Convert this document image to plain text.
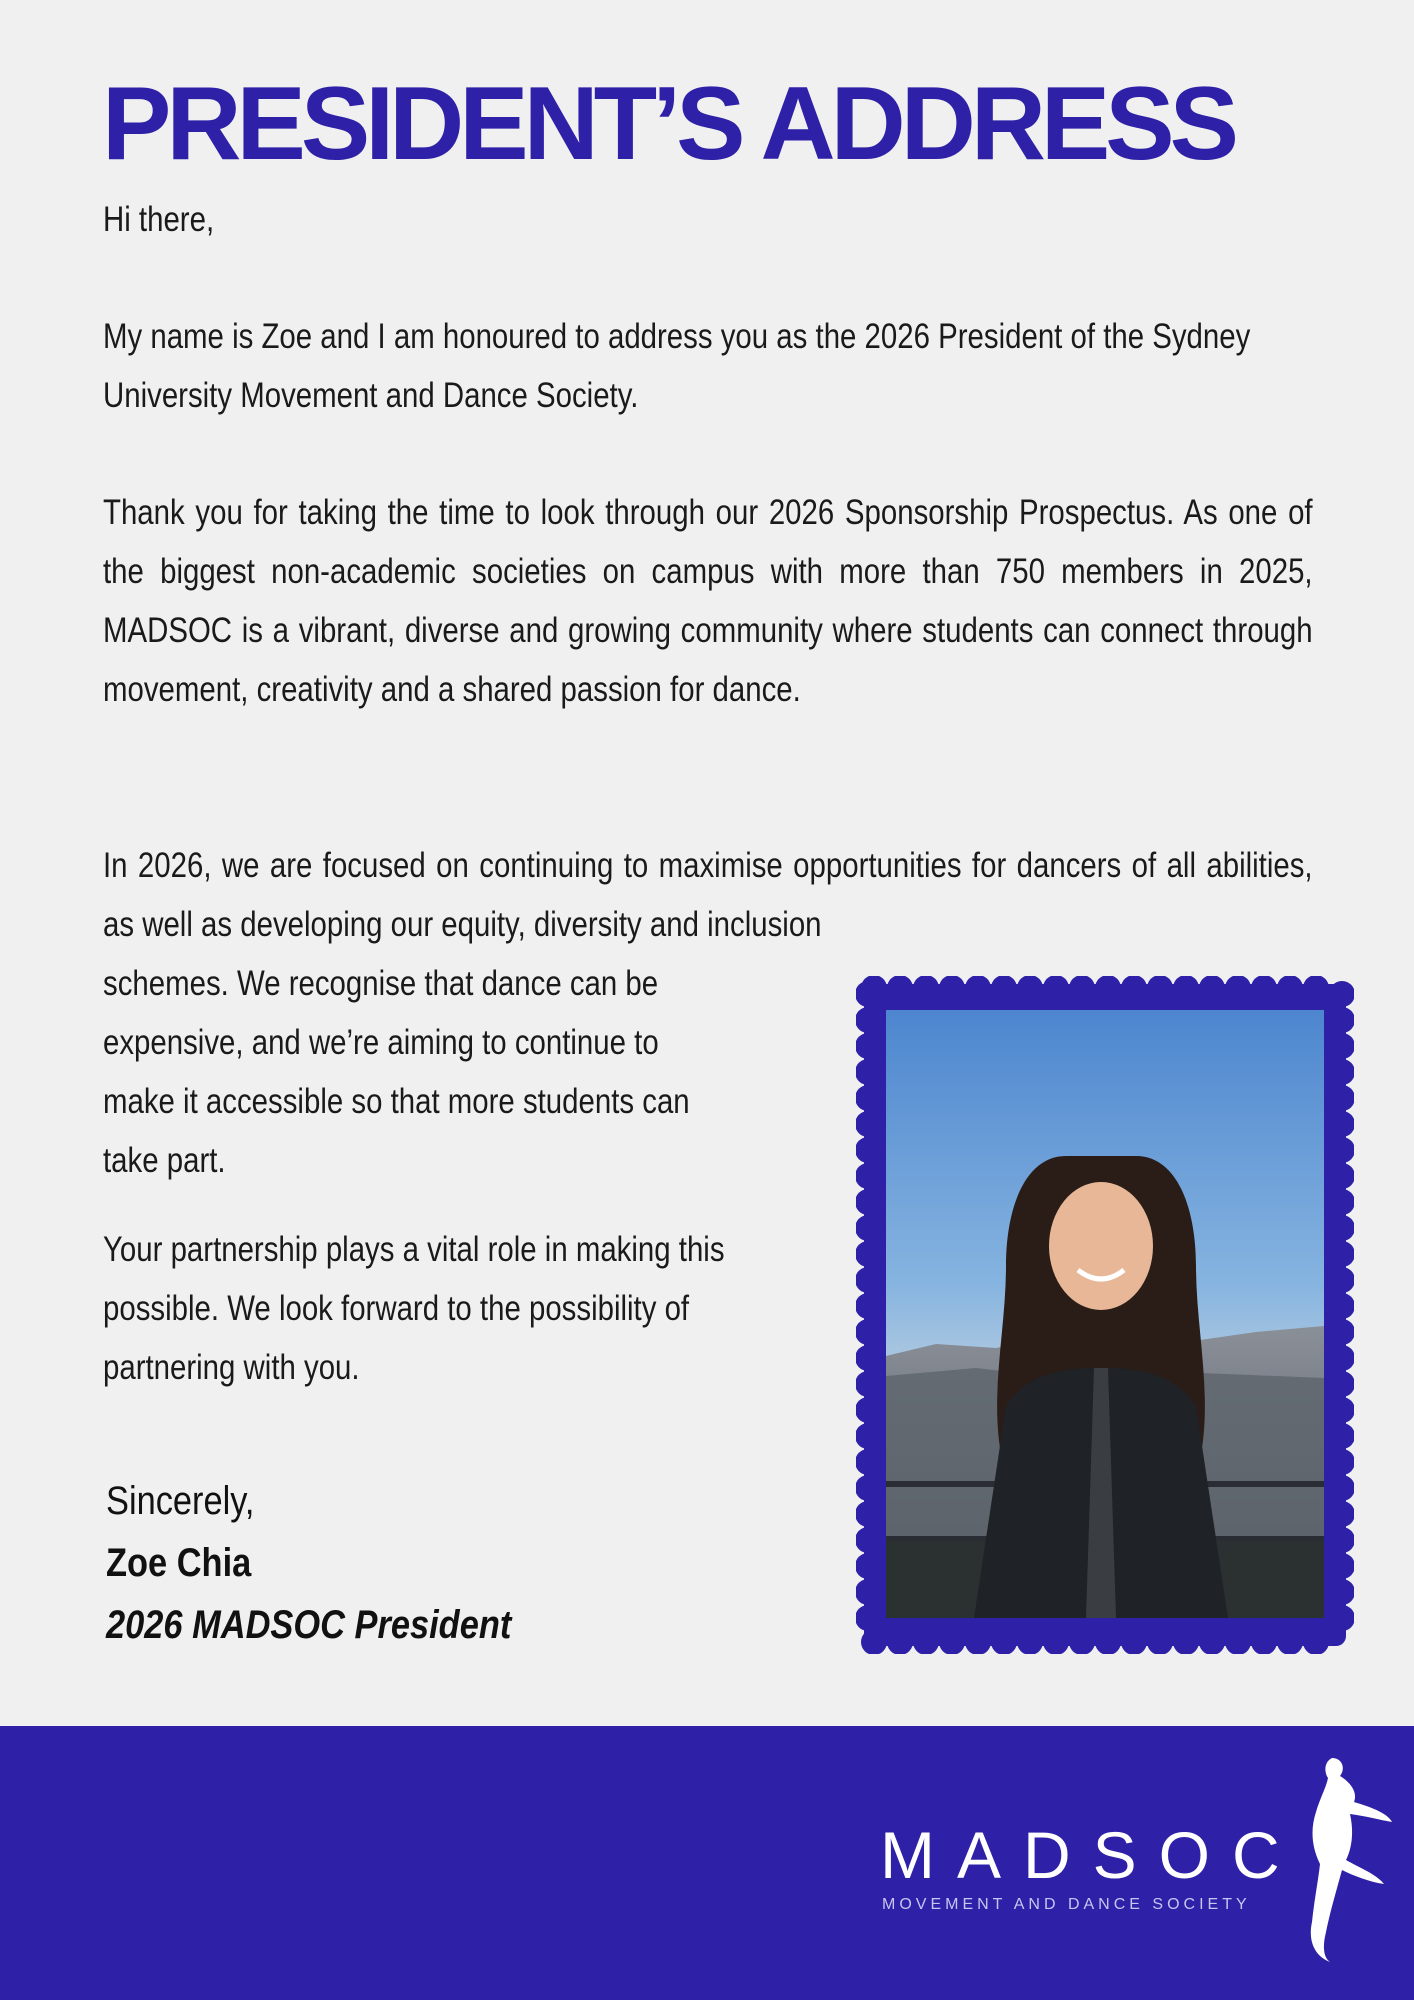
PRESIDENT’S ADDRESS

Hi there,

My name is Zoe and I am honoured to address you as the 2026 President of the Sydney University Movement and Dance Society.

Thank you for taking the time to look through our 2026 Sponsorship Prospectus. As one of the biggest non-academic societies on campus with more than 750 members in 2025, MADSOC is a vibrant, diverse and growing community where students can connect through movement, creativity and a shared passion for dance.

In 2026, we are focused on continuing to maximise opportunities for dancers of all abilities, as well as developing our equity, diversity and inclusion

schemes. We recognise that dance can be expensive, and we’re aiming to continue to make it accessible so that more students can take part.

Your partnership plays a vital role in making this possible. We look forward to the possibility of partnering with you.

Sincerely,
Zoe Chia
2026 MADSOC President
MADSOC
MOVEMENT AND DANCE SOCIETY
